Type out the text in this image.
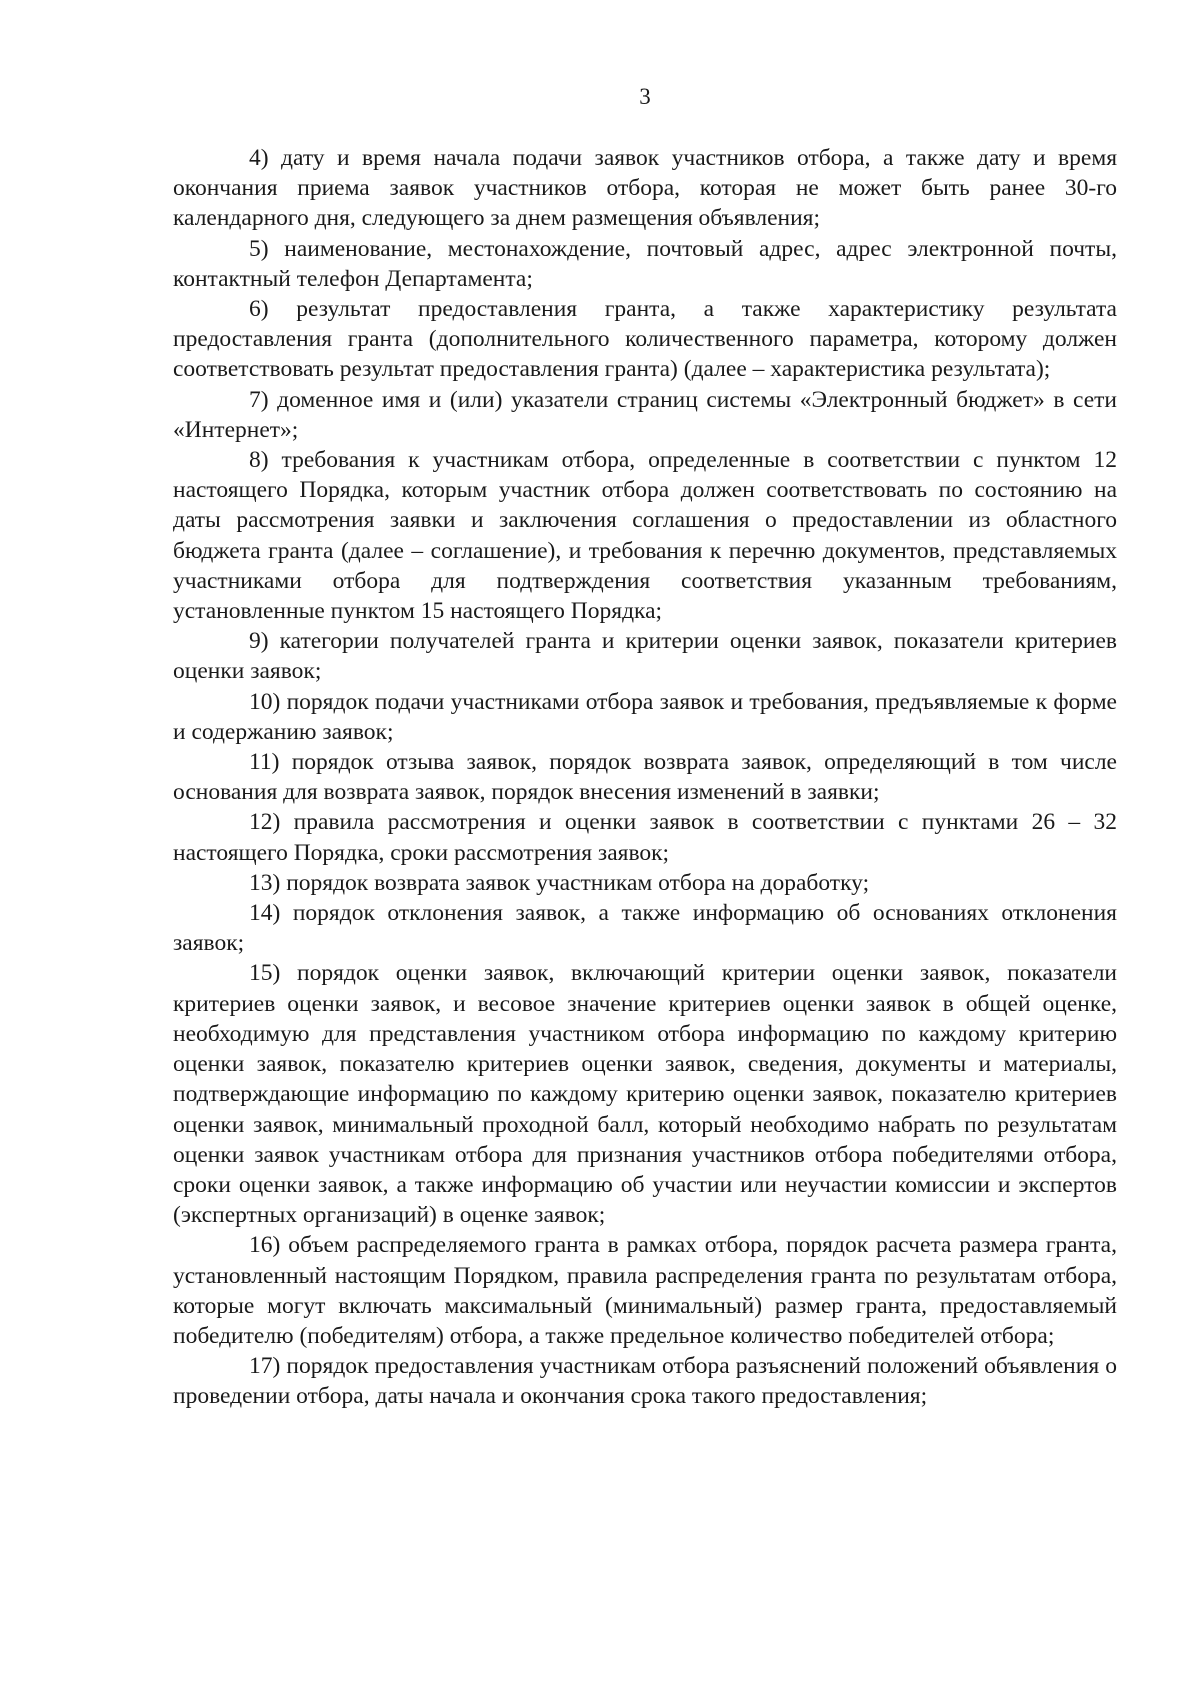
3

4) дату и время начала подачи заявок участников отбора, а также дату и время окончания приема заявок участников отбора, которая не может быть ранее 30-го календарного дня, следующего за днем размещения объявления;

5) наименование, местонахождение, почтовый адрес, адрес электронной почты, контактный телефон Департамента;

6) результат предоставления гранта, а также характеристику результата предоставления гранта (дополнительного количественного параметра, которому должен соответствовать результат предоставления гранта) (далее – характеристика результата);

7) доменное имя и (или) указатели страниц системы «Электронный бюджет» в сети «Интернет»;

8) требования к участникам отбора, определенные в соответствии с пунктом 12 настоящего Порядка, которым участник отбора должен соответствовать по состоянию на даты рассмотрения заявки и заключения соглашения о предоставлении из областного бюджета гранта (далее – соглашение), и требования к перечню документов, представляемых участниками отбора для подтверждения соответствия указанным требованиям, установленные пунктом 15 настоящего Порядка;

9) категории получателей гранта и критерии оценки заявок, показатели критериев оценки заявок;

10) порядок подачи участниками отбора заявок и требования, предъявляемые к форме и содержанию заявок;

11) порядок отзыва заявок, порядок возврата заявок, определяющий в том числе основания для возврата заявок, порядок внесения изменений в заявки;

12) правила рассмотрения и оценки заявок в соответствии с пунктами 26 – 32 настоящего Порядка, сроки рассмотрения заявок;

13) порядок возврата заявок участникам отбора на доработку;

14) порядок отклонения заявок, а также информацию об основаниях отклонения заявок;

15) порядок оценки заявок, включающий критерии оценки заявок, показатели критериев оценки заявок, и весовое значение критериев оценки заявок в общей оценке, необходимую для представления участником отбора информацию по каждому критерию оценки заявок, показателю критериев оценки заявок, сведения, документы и материалы, подтверждающие информацию по каждому критерию оценки заявок, показателю критериев оценки заявок, минимальный проходной балл, который необходимо набрать по результатам оценки заявок участникам отбора для признания участников отбора победителями отбора, сроки оценки заявок, а также информацию об участии или неучастии комиссии и экспертов (экспертных организаций) в оценке заявок;

16) объем распределяемого гранта в рамках отбора, порядок расчета размера гранта, установленный настоящим Порядком, правила распределения гранта по результатам отбора, которые могут включать максимальный (минимальный) размер гранта, предоставляемый победителю (победителям) отбора, а также предельное количество победителей отбора;

17) порядок предоставления участникам отбора разъяснений положений объявления о проведении отбора, даты начала и окончания срока такого предоставления;
